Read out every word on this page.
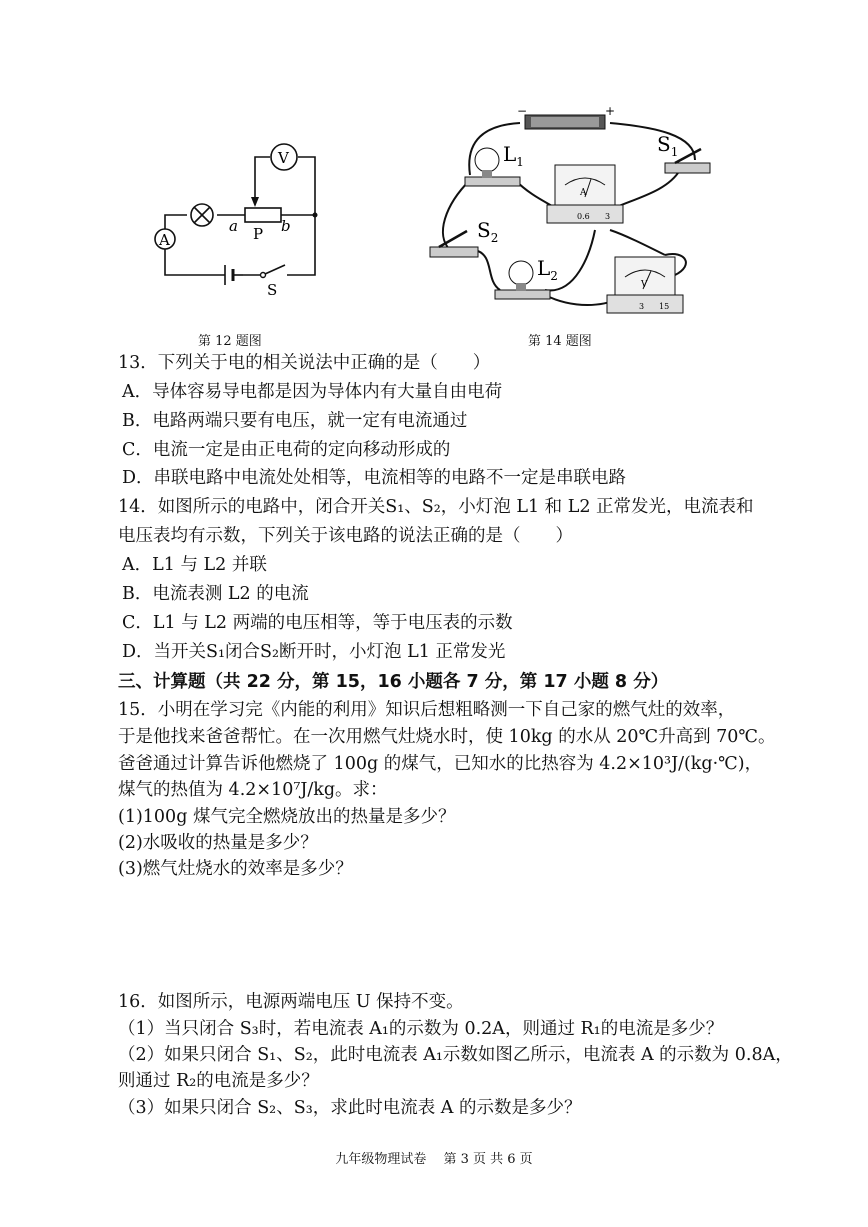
A
a P b
V
S
第 12 题图
−	+
$L_1$
A
0.6 3
$S_1$
$S_2$
$L_2$
V
3 15
第 14 题图
13．下列关于电的相关说法中正确的是（　　）
A．导体容易导电都是因为导体内有大量自由电荷
B．电路两端只要有电压，就一定有电流通过
C．电流一定是由正电荷的定向移动形成的
D．串联电路中电流处处相等，电流相等的电路不一定是串联电路
14．如图所示的电路中，闭合开关S₁、S₂，小灯泡 L1 和 L2 正常发光，电流表和
电压表均有示数，下列关于该电路的说法正确的是（　　）
A．L1 与 L2 并联
B．电流表测 L2 的电流
C．L1 与 L2 两端的电压相等，等于电压表的示数
D．当开关S₁闭合S₂断开时，小灯泡 L1 正常发光
三、计算题（共 22 分，第 15，16 小题各 7 分，第 17 小题 8 分）
15．小明在学习完《内能的利用》知识后想粗略测一下自己家的燃气灶的效率，
于是他找来爸爸帮忙。在一次用燃气灶烧水时，使 10kg 的水从 20℃升高到 70℃。
爸爸通过计算告诉他燃烧了 100g 的煤气，已知水的比热容为 4.2×10³J/(kg·℃)，
煤气的热值为 4.2×10⁷J/kg。求：
(1)100g 煤气完全燃烧放出的热量是多少？
(2)水吸收的热量是多少？
(3)燃气灶烧水的效率是多少？
16．如图所示，电源两端电压 U 保持不变。
（1）当只闭合 S₃时，若电流表 A₁的示数为 0.2A，则通过 R₁的电流是多少？
（2）如果只闭合 S₁、S₂，此时电流表 A₁示数如图乙所示，电流表 A 的示数为 0.8A，
则通过 R₂的电流是多少？
（3）如果只闭合 S₂、S₃，求此时电流表 A 的示数是多少？
九年级物理试卷　 第 3 页 共 6 页
